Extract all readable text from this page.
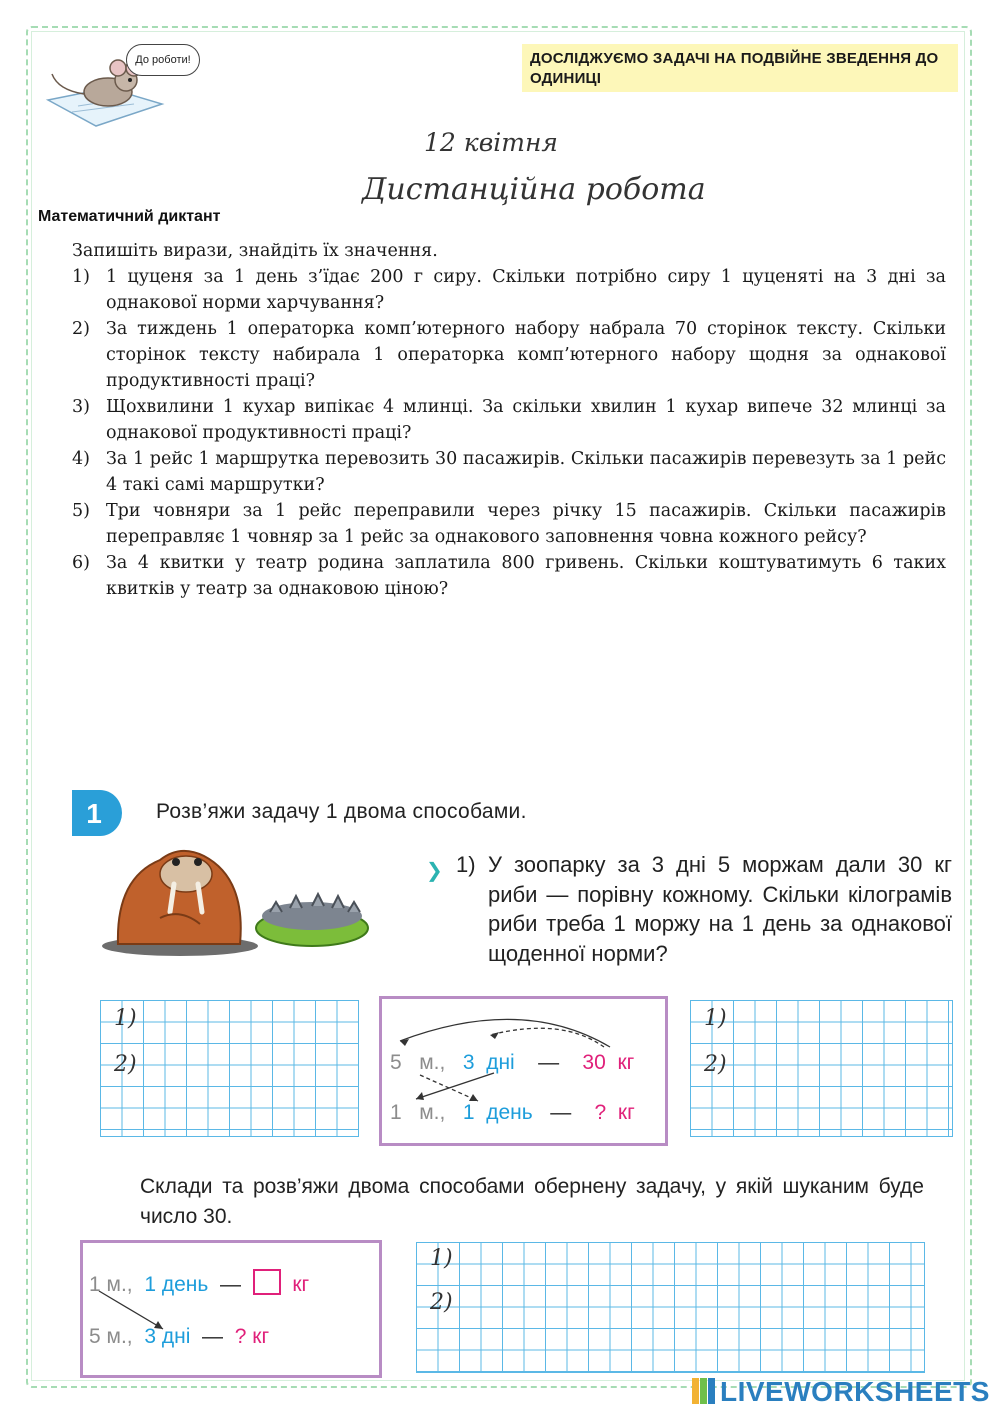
До роботи!	ДОСЛІДЖУЄМО ЗАДАЧІ НА ПОДВІЙНЕ ЗВЕДЕННЯ ДО ОДИНИЦІ
12 квітня
Дистанційна робота
Математичний диктант

Запишіть вирази, знайдіть їх значення.

1) 1 цуценя за 1 день з’їдає 200 г сиру. Скільки потрібно сиру 1 цуценяті на 3 дні за однакової норми харчування?
2) За тиждень 1 операторка комп’ютерного набору набрала 70 сторінок тексту. Скільки сторінок тексту набирала 1 операторка комп’ютерного набору щодня за однакової продуктивності праці?
3) Щохвилини 1 кухар випікає 4 млинці. За скільки хвилин 1 кухар випече 32 млинці за однакової продуктивності праці?
4) За 1 рейс 1 маршрутка перевозить 30 пасажирів. Скільки пасажирів перевезуть за 1 рейс 4 такі самі маршрутки?
5) Три човняри за 1 рейс переправили через річку 15 пасажирів. Скільки пасажирів переправляє 1 човняр за 1 рейс за однакового заповнення човна кожного рейсу?
6) За 4 квитки у театр родина заплатила 800 гривень. Скільки коштуватимуть 6 таких квитків у театр за однаковою ціною?
1	Розв’яжи задачу 1 двома способами.
❯ 1) У зоопарку за 3 дні 5 моржам дали 30 кг риби — порівну кожному. Скільки кілограмів риби треба 1 моржу на 1 день за однакової щоденної норми?
1)
2)	5 м., 3 дні — 30 кг
1 м., 1 день — ? кг
1)
2)
Склади та розв’яжи двома способами обернену задачу, у якій шуканим буде число 30.
1 м., 1 день — кг
5 м., 3 дні — ? кг
1)
2)
LIVEWORKSHEETS
